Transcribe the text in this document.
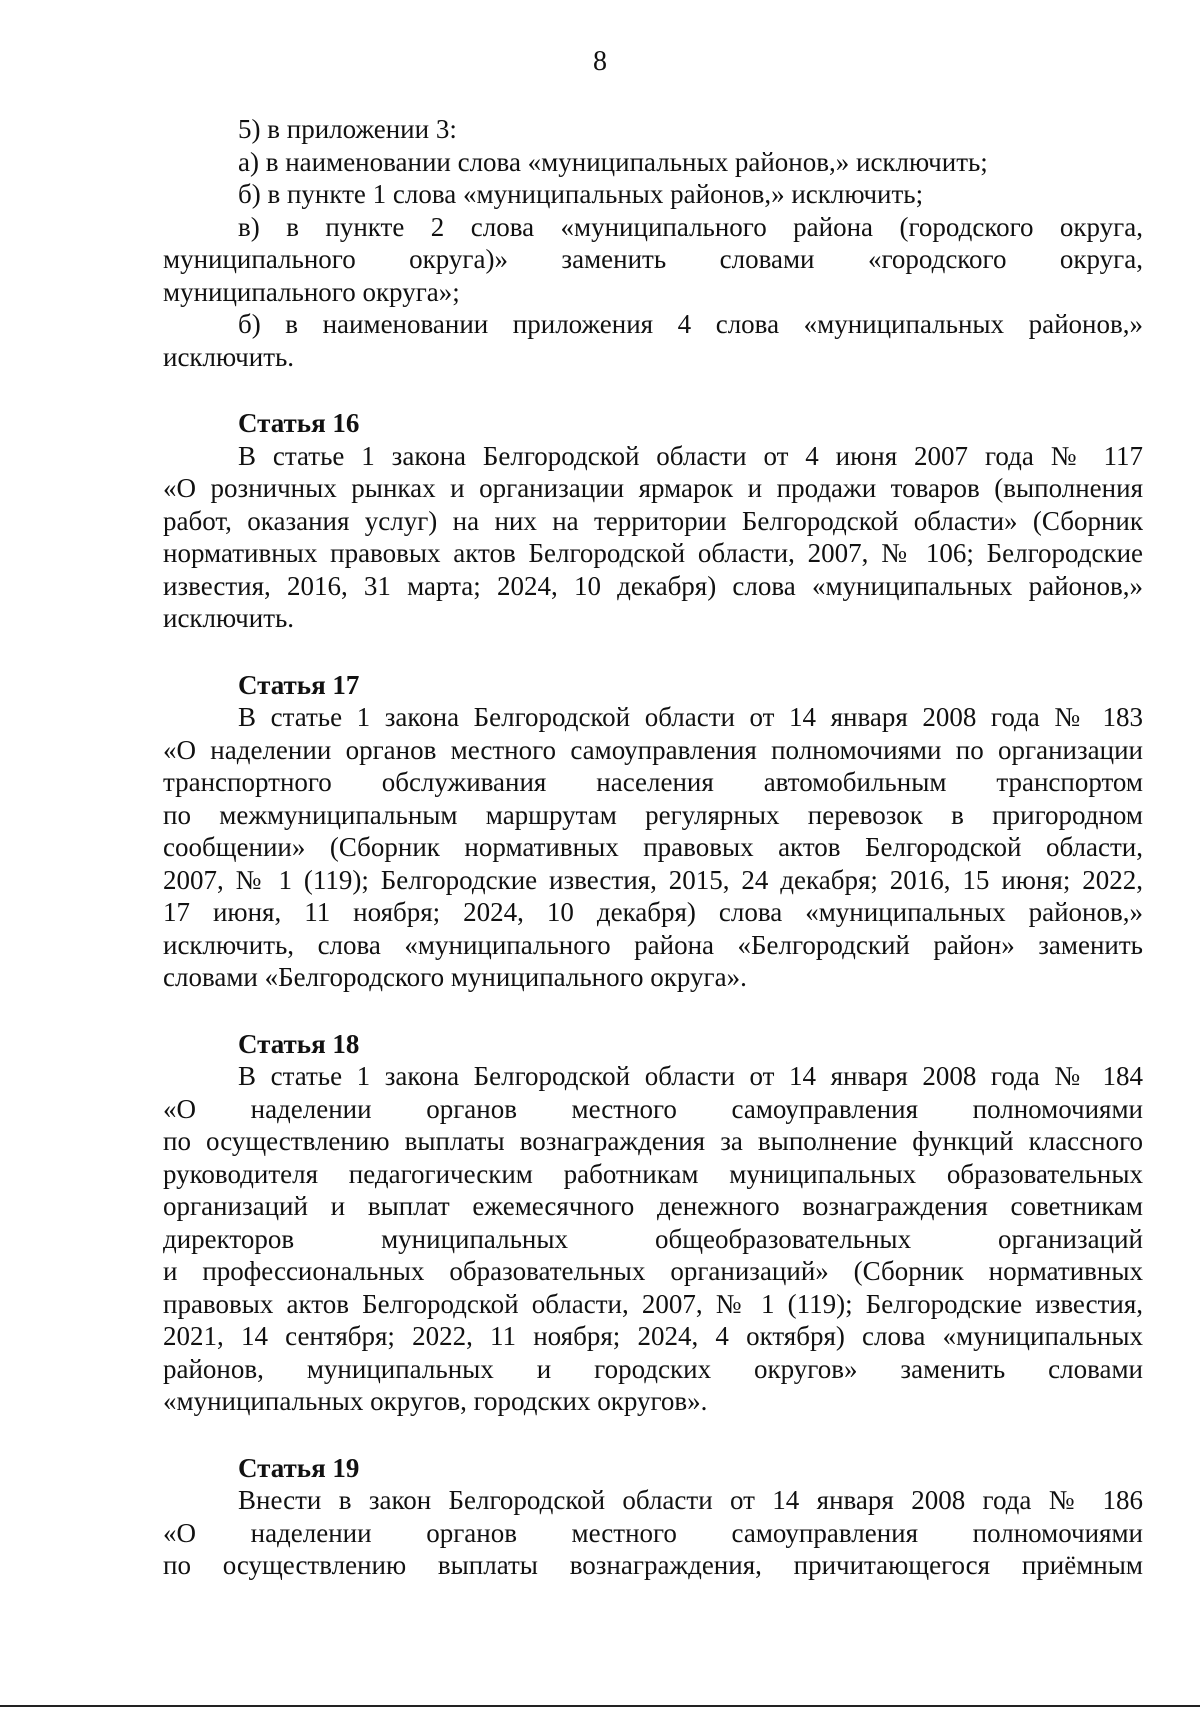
8

5) в приложении 3:

а) в наименовании слова «муниципальных районов,» исключить;

б) в пункте 1 слова «муниципальных районов,» исключить;

в) в пункте 2 слова «муниципального района (городского округа,

муниципального округа)» заменить словами «городского округа,

муниципального округа»;

б) в наименовании приложения 4 слова «муниципальных районов,»

исключить.

Статья 16

В статье 1 закона Белгородской области от 4 июня 2007 года № 117

«О розничных рынках и организации ярмарок и продажи товаров (выполнения

работ, оказания услуг) на них на территории Белгородской области» (Сборник

нормативных правовых актов Белгородской области, 2007, № 106; Белгородские

известия, 2016, 31 марта; 2024, 10 декабря) слова «муниципальных районов,»

исключить.

Статья 17

В статье 1 закона Белгородской области от 14 января 2008 года № 183

«О наделении органов местного самоуправления полномочиями по организации

транспортного обслуживания населения автомобильным транспортом

по межмуниципальным маршрутам регулярных перевозок в пригородном

сообщении» (Сборник нормативных правовых актов Белгородской области,

2007, № 1 (119); Белгородские известия, 2015, 24 декабря; 2016, 15 июня; 2022,

17 июня, 11 ноября; 2024, 10 декабря) слова «муниципальных районов,»

исключить, слова «муниципального района «Белгородский район» заменить

словами «Белгородского муниципального округа».

Статья 18

В статье 1 закона Белгородской области от 14 января 2008 года № 184

«О наделении органов местного самоуправления полномочиями

по осуществлению выплаты вознаграждения за выполнение функций классного

руководителя педагогическим работникам муниципальных образовательных

организаций и выплат ежемесячного денежного вознаграждения советникам

директоров муниципальных общеобразовательных организаций

и профессиональных образовательных организаций» (Сборник нормативных

правовых актов Белгородской области, 2007, № 1 (119); Белгородские известия,

2021, 14 сентября; 2022, 11 ноября; 2024, 4 октября) слова «муниципальных

районов, муниципальных и городских округов» заменить словами

«муниципальных округов, городских округов».

Статья 19

Внести в закон Белгородской области от 14 января 2008 года № 186

«О наделении органов местного самоуправления полномочиями

по осуществлению выплаты вознаграждения, причитающегося приёмным
